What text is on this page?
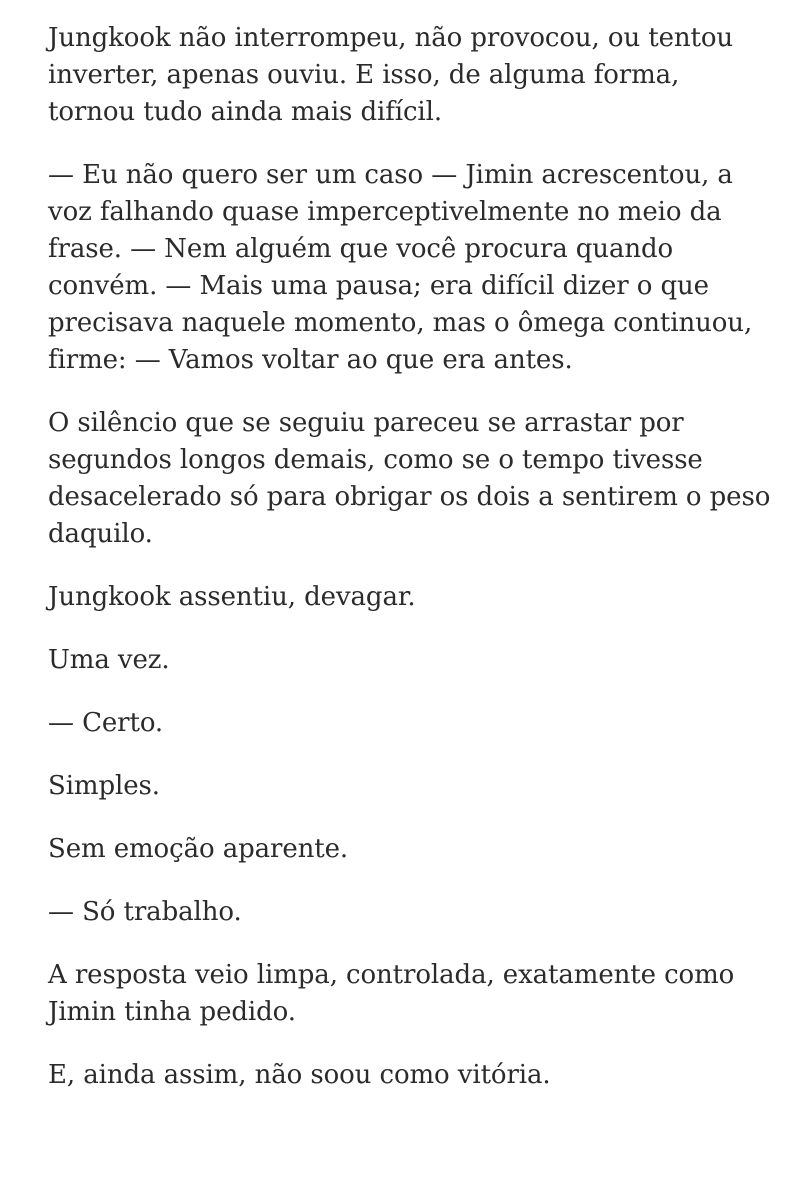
Jungkook não interrompeu, não provocou, ou tentou inverter, apenas ouviu. E isso, de alguma forma, tornou tudo ainda mais difícil.

— Eu não quero ser um caso — Jimin acrescentou, a voz falhando quase imperceptivelmente no meio da frase. — Nem alguém que você procura quando convém. — Mais uma pausa; era difícil dizer o que precisava naquele momento, mas o ômega continuou, firme: — Vamos voltar ao que era antes.

O silêncio que se seguiu pareceu se arrastar por segundos longos demais, como se o tempo tivesse desacelerado só para obrigar os dois a sentirem o peso daquilo.

Jungkook assentiu, devagar.

Uma vez.

— Certo.

Simples.

Sem emoção aparente.

— Só trabalho.

A resposta veio limpa, controlada, exatamente como Jimin tinha pedido.

E, ainda assim, não soou como vitória.
